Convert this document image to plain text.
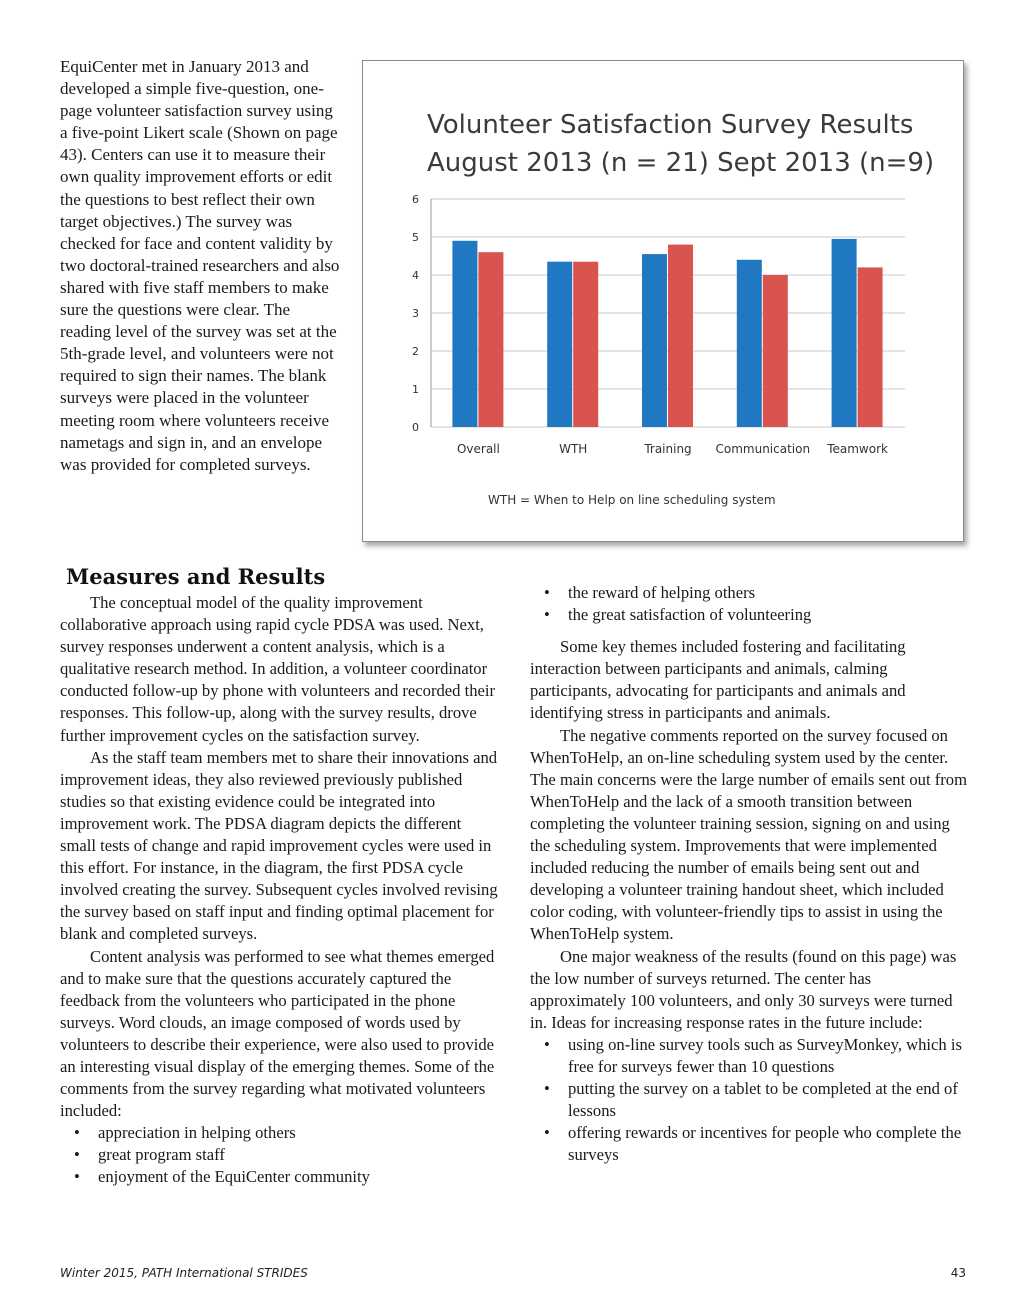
EquiCenter met in January 2013 and developed a simple five-question, one-page volunteer satisfaction survey using a five-point Likert scale (Shown on page 43). Centers can use it to measure their own quality improvement efforts or edit the questions to best reflect their own target objectives.) The survey was checked for face and content validity by two doctoral-trained researchers and also shared with five staff members to make sure the questions were clear. The reading level of the survey was set at the 5th-grade level, and volunteers were not required to sign their names. The blank surveys were placed in the volunteer meeting room where volunteers receive nametags and sign in, and an envelope was provided for completed surveys.
Volunteer Satisfaction Survey Results
August 2013 (n = 21) Sept 2013 (n=9)
0
1
2
3
4
5
6
Overall	WTH	Training Communication Teamwork
WTH = When to Help on line scheduling system
Measures and Results

The conceptual model of the quality improvement collaborative approach using rapid cycle PDSA was used. Next, survey responses underwent a content analysis, which is a qualitative research method. In addition, a volunteer coordinator conducted follow-up by phone with volunteers and recorded their responses. This follow-up, along with the survey results, drove further improvement cycles on the satisfaction survey.

As the staff team members met to share their innovations and improvement ideas, they also reviewed previously published studies so that existing evidence could be integrated into improvement work. The PDSA diagram depicts the different small tests of change and rapid improvement cycles were used in this effort. For instance, in the diagram, the first PDSA cycle involved creating the survey. Subsequent cycles involved revising the survey based on staff input and finding optimal placement for blank and completed surveys.

Content analysis was performed to see what themes emerged and to make sure that the questions accurately captured the feedback from the volunteers who participated in the phone surveys. Word clouds, an image composed of words used by volunteers to describe their experience, were also used to provide an interesting visual display of the emerging themes. Some of the comments from the survey regarding what motivated volunteers included:

• appreciation in helping others
• great program staff
• enjoyment of the EquiCenter community
• the reward of helping others
• the great satisfaction of volunteering

Some key themes included fostering and facilitating interaction between participants and animals, calming participants, advocating for participants and animals and identifying stress in participants and animals.

The negative comments reported on the survey focused on WhenToHelp, an on-line scheduling system used by the center. The main concerns were the large number of emails sent out from WhenToHelp and the lack of a smooth transition between completing the volunteer training session, signing on and using the scheduling system. Improvements that were implemented included reducing the number of emails being sent out and developing a volunteer training handout sheet, which included color coding, with volunteer-friendly tips to assist in using the WhenToHelp system.

One major weakness of the results (found on this page) was the low number of surveys returned. The center has approximately 100 volunteers, and only 30 surveys were turned in. Ideas for increasing response rates in the future include:

• using on-line survey tools such as SurveyMonkey, which is free for surveys fewer than 10 questions
• putting the survey on a tablet to be completed at the end of lessons
• offering rewards or incentives for people who complete the surveys
Winter 2015, PATH International STRIDES	43
